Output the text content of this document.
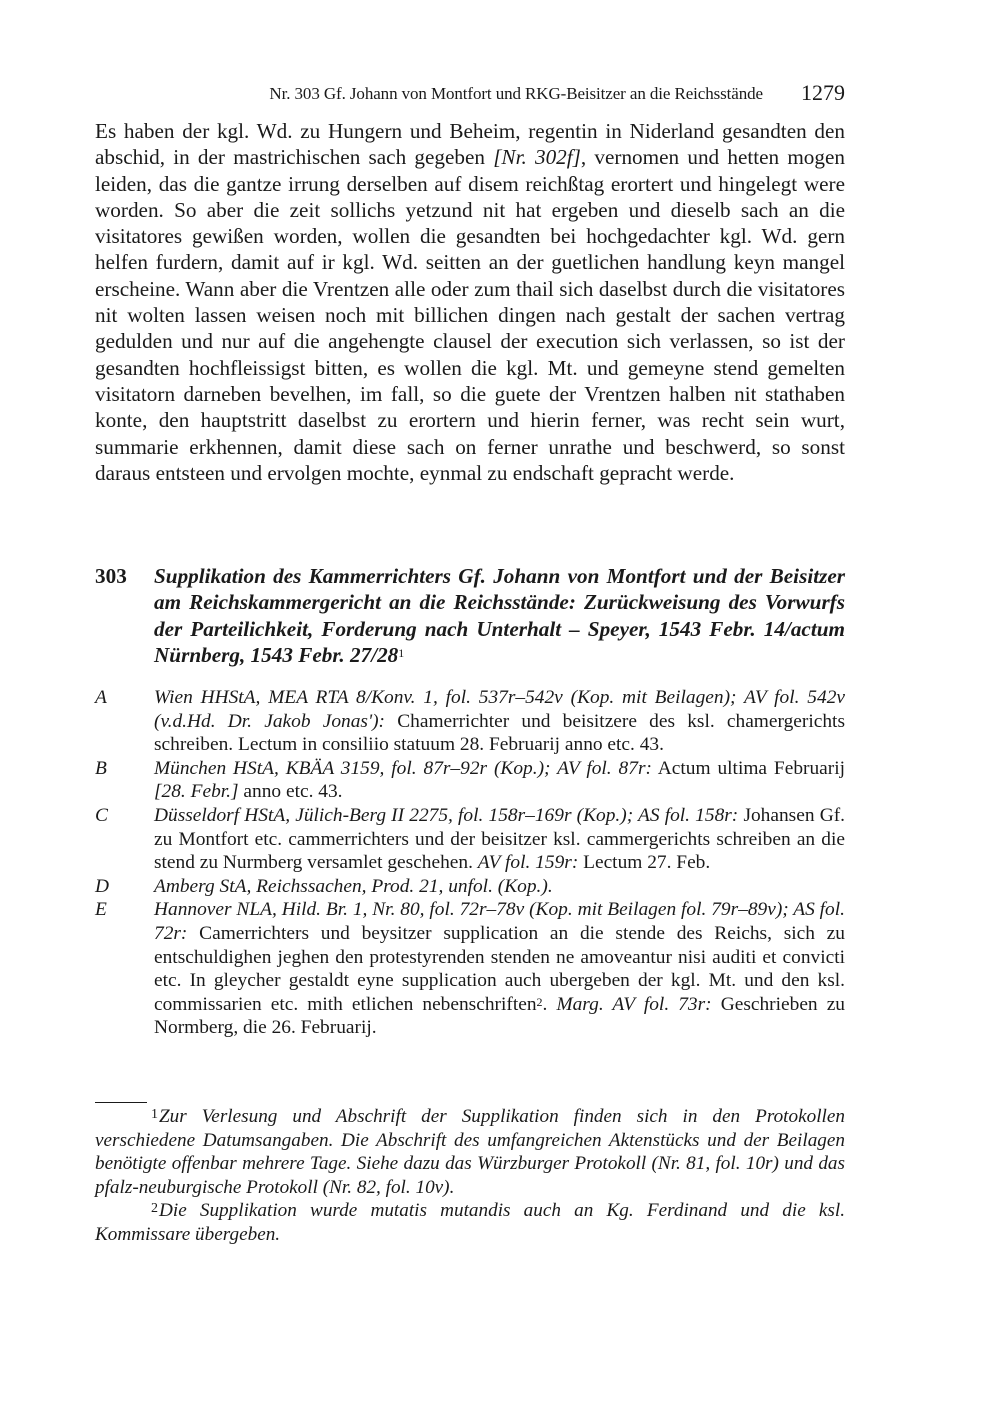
Nr. 303 Gf. Johann von Montfort und RKG-Beisitzer an die Reichsstände 1279

Es haben der kgl. Wd. zu Hungern und Beheim, regentin in Niderland gesandten den abschid, in der mastrichischen sach gegeben [Nr. 302f], vernomen und hetten mogen leiden, das die gantze irrung derselben auf disem reichßtag erortert und hingelegt were worden. So aber die zeit sollichs yetzund nit hat ergeben und dieselb sach an die visitatores gewißen worden, wollen die gesandten bei hochgedachter kgl. Wd. gern helfen furdern, damit auf ir kgl. Wd. seitten an der guetlichen handlung keyn mangel erscheine. Wann aber die Vrentzen alle oder zum thail sich daselbst durch die visitatores nit wolten lassen weisen noch mit billichen dingen nach gestalt der sachen vertrag gedulden und nur auf die angehengte clausel der execution sich verlassen, so ist der gesandten hochfleissigst bitten, es wollen die kgl. Mt. und gemeyne stend gemelten visitatorn darneben bevelhen, im fall, so die guete der Vrentzen halben nit stathaben konte, den hauptstritt daselbst zu erortern und hierin ferner, was recht sein wurt, summarie erkhennen, damit diese sach on ferner unrathe und beschwerd, so sonst daraus entsteen und ervolgen mochte, eynmal zu endschaft gepracht werde.

303 Supplikation des Kammerrichters Gf. Johann von Montfort und der Beisitzer am Reichskammergericht an die Reichsstände: Zurückweisung des Vorwurfs der Parteilichkeit, Forderung nach Unterhalt – Speyer, 1543 Febr. 14/actum Nürnberg, 1543 Febr. $27/28^1$
A Wien HHStA, MEA RTA 8/Konv. 1, fol. 537r–542v (Kop. mit Beilagen); AV fol. 542v (v.d.Hd. Dr. Jakob Jonas'): Chamerrichter und beisitzere des ksl. chamergerichts schreiben. Lectum in consiliio statuum 28. Februarij anno etc. 43.
B München HStA, KBÄA 3159, fol. 87r–92r (Kop.); AV fol. 87r: Actum ultima Februarij [28. Febr.] anno etc. 43.
C Düsseldorf HStA, Jülich-Berg II 2275, fol. 158r–169r (Kop.); AS fol. 158r: Johansen Gf. zu Montfort etc. cammerrichters und der beisitzer ksl. cammergerichts schreiben an die stend zu Nurmberg versamlet geschehen. AV fol. 159r: Lectum 27. Feb.
D Amberg StA, Reichssachen, Prod. 21, unfol. (Kop.).
E Hannover NLA, Hild. Br. 1, Nr. 80, fol. 72r–78v (Kop. mit Beilagen fol. 79r–89v); AS fol. 72r: Camerrichters und beysitzer supplication an die stende des Reichs, sich zu entschuldighen jeghen den protestyrenden stenden ne amoveantur nisi auditi et convicti etc. In gleycher gestaldt eyne supplication auch ubergeben der kgl. Mt. und den ksl. commissarien etc. mith etlichen nebenschriften$^2$. Marg. AV fol. 73r: Geschrieben zu Normberg, die 26. Februarij.
1Zur Verlesung und Abschrift der Supplikation finden sich in den Protokollen verschiedene Datumsangaben. Die Abschrift des umfangreichen Aktenstücks und der Beilagen benötigte offenbar mehrere Tage. Siehe dazu das Würzburger Protokoll (Nr. 81, fol. 10r) und das pfalz-neuburgische Protokoll (Nr. 82, fol. 10v).
2Die Supplikation wurde mutatis mutandis auch an Kg. Ferdinand und die ksl. Kommissare übergeben.
